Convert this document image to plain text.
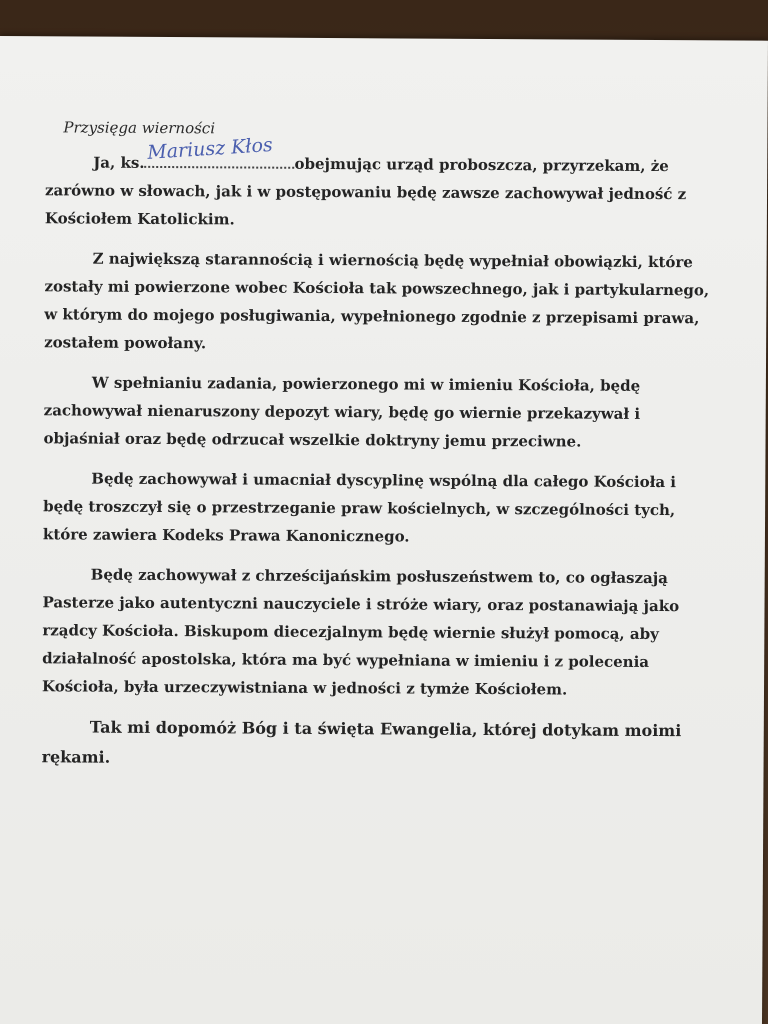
Przysięga wierności

Ja, ks. Mariusz Kłos
obejmując urząd proboszcza, przyrzekam, że zarówno w słowach, jak i w postępowaniu będę zawsze zachowywał jedność z Kościołem Katolickim.

Z największą starannością i wiernością będę wypełniał obowiązki, które zostały mi powierzone wobec Kościoła tak powszechnego, jak i partykularnego, w którym do mojego posługiwania, wypełnionego zgodnie z przepisami prawa, zostałem powołany.

W spełnianiu zadania, powierzonego mi w imieniu Kościoła, będę zachowywał nienaruszony depozyt wiary, będę go wiernie przekazywał i objaśniał oraz będę odrzucał wszelkie doktryny jemu przeciwne.

Będę zachowywał i umacniał dyscyplinę wspólną dla całego Kościoła i będę troszczył się o przestrzeganie praw kościelnych, w szczególności tych, które zawiera Kodeks Prawa Kanonicznego.

Będę zachowywał z chrześcijańskim posłuszeństwem to, co ogłaszają Pasterze jako autentyczni nauczyciele i stróże wiary, oraz postanawiają jako rządcy Kościoła. Biskupom diecezjalnym będę wiernie służył pomocą, aby działalność apostolska, która ma być wypełniana w imieniu i z polecenia Kościoła, była urzeczywistniana w jedności z tymże Kościołem.

Tak mi dopomóż Bóg i ta święta Ewangelia, której dotykam moimi rękami.
